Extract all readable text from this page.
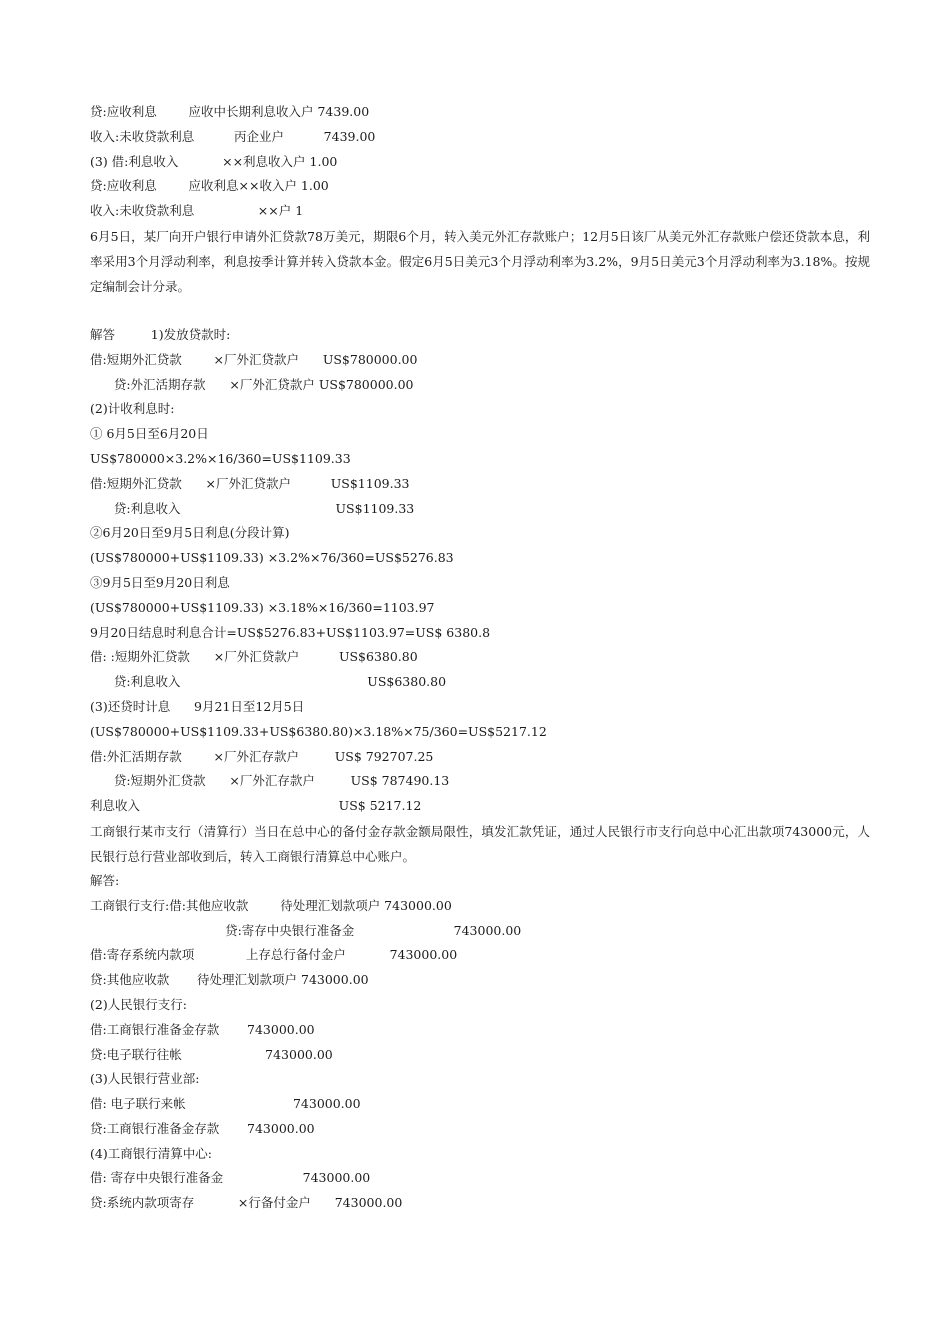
贷:应收利息        应收中长期利息收入户 7439.00
收入:未收贷款利息          丙企业户          7439.00
(3) 借:利息收入           ××利息收入户 1.00
贷:应收利息        应收利息××收入户 1.00
收入:未收贷款利息                ××户 1
6月5日，某厂向开户银行申请外汇贷款78万美元，期限6个月，转入美元外汇存款账户；12月5日该厂从美元外汇存款账户偿还贷款本息，利率采用3个月浮动利率，利息按季计算并转入贷款本金。假定6月5日美元3个月浮动利率为3.2%，9月5日美元3个月浮动利率为3.18%。按规定编制会计分录。
解答         1)发放贷款时:
借:短期外汇贷款        ×厂外汇贷款户      US$780000.00
贷:外汇活期存款      ×厂外汇贷款户 US$780000.00
(2)计收利息时:
① 6月5日至6月20日
US$780000×3.2%×16/360=US$1109.33
借:短期外汇贷款      ×厂外汇贷款户          US$1109.33
贷:利息收入                                       US$1109.33
②6月20日至9月5日利息(分段计算)
(US$780000+US$1109.33) ×3.2%×76/360=US$5276.83
③9月5日至9月20日利息
(US$780000+US$1109.33) ×3.18%×16/360=1103.97
9月20日结息时利息合计=US$5276.83+US$1103.97=US$ 6380.8
借: :短期外汇贷款      ×厂外汇贷款户          US$6380.80
贷:利息收入                                               US$6380.80
(3)还贷时计息      9月21日至12月5日
(US$780000+US$1109.33+US$6380.80)×3.18%×75/360=US$5217.12
借:外汇活期存款        ×厂外汇存款户         US$ 792707.25
贷:短期外汇贷款      ×厂外汇存款户         US$ 787490.13
利息收入                                                  US$ 5217.12
工商银行某市支行（清算行）当日在总中心的备付金存款金额局限性，填发汇款凭证，通过人民银行市支行向总中心汇出款项743000元，人民银行总行营业部收到后，转入工商银行清算总中心账户。
解答:
工商银行支行:借:其他应收款        待处理汇划款项户 743000.00
贷:寄存中央银行准备金                         743000.00
借:寄存系统内款项             上存总行备付金户           743000.00
贷:其他应收款       待处理汇划款项户 743000.00
(2)人民银行支行:
借:工商银行准备金存款       743000.00
贷:电子联行往帐                     743000.00
(3)人民银行营业部:
借: 电子联行来帐                           743000.00
贷:工商银行准备金存款       743000.00
(4)工商银行清算中心:
借: 寄存中央银行准备金                    743000.00
贷:系统内款项寄存           ×行备付金户      743000.00
